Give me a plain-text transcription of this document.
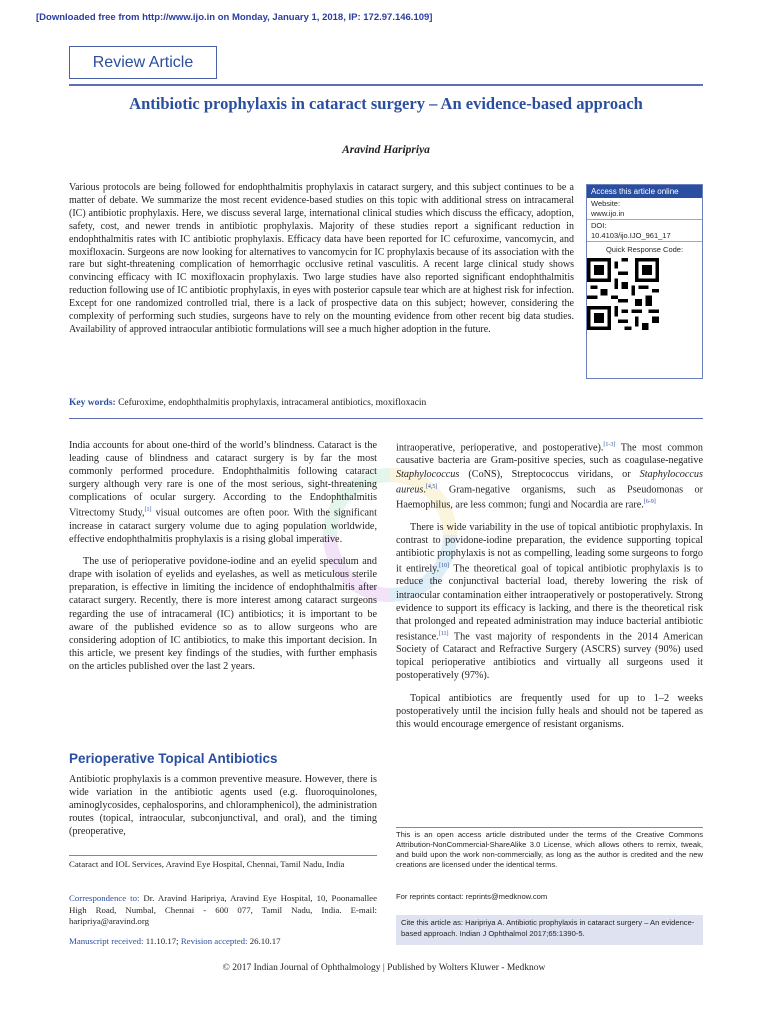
[Downloaded free from http://www.ijo.in on Monday, January 1, 2018, IP: 172.97.146.109]
Review Article
Antibiotic prophylaxis in cataract surgery – An evidence-based approach
Aravind Haripriya
Various protocols are being followed for endophthalmitis prophylaxis in cataract surgery, and this subject continues to be a matter of debate. We summarize the most recent evidence-based studies on this topic with additional stress on intracameral (IC) antibiotic prophylaxis. Here, we discuss several large, international clinical studies which discuss the efficacy, adoption, safety, cost, and newer trends in antibiotic prophylaxis. Majority of these studies report a significant reduction in endophthalmitis rates with IC antibiotic prophylaxis. Efficacy data have been reported for IC cefuroxime, vancomycin, and moxifloxacin. Surgeons are now looking for alternatives to vancomycin for IC prophylaxis because of its association with the rare but sight-threatening complication of hemorrhagic occlusive retinal vasculitis. A recent large clinical study shows convincing efficacy with IC moxifloxacin prophylaxis. Two large studies have also reported significant endophthalmitis reduction following use of IC antibiotic prophylaxis, in eyes with posterior capsule tear which are at highest risk for infection. Except for one randomized controlled trial, there is a lack of prospective data on this subject; however, considering the complexity of performing such studies, surgeons have to rely on the mounting evidence from other recent big data studies. Availability of approved intraocular antibiotic formulations will see a much higher adoption in the future.
Access this article online
Website:
www.ijo.in
DOI:
10.4103/ijo.IJO_961_17
Quick Response Code:
Key words: Cefuroxime, endophthalmitis prophylaxis, intracameral antibiotics, moxifloxacin

India accounts for about one-third of the world’s blindness. Cataract is the leading cause of blindness and cataract surgery is by far the most commonly performed procedure. Endophthalmitis following cataract surgery although very rare is one of the most serious, sight-threatening complications of ocular surgery. According to the Endophthalmitis Vitrectomy Study,[1] visual outcomes are often poor. With the significant increase in cataract surgery volume due to aging population worldwide, effective endophthalmitis prophylaxis is a rising global imperative.

The use of perioperative povidone-iodine and an eyelid speculum and drape with isolation of eyelids and eyelashes, as well as meticulous sterile preparation, is effective in limiting the incidence of endophthalmitis after cataract surgery. Recently, there is more interest among cataract surgeons regarding the use of intracameral (IC) antibiotics; it is important to be aware of the published evidence so as to allow surgeons who are considering adoption of IC antibiotics, to make this important decision. In this article, we present key findings of the studies, with further emphasis on the articles published over the last 2 years.

Perioperative Topical Antibiotics
Antibiotic prophylaxis is a common preventive measure. However, there is wide variation in the antibiotic agents used (e.g. fluoroquinolones, aminoglycosides, cephalosporins, and chloramphenicol), the administration routes (topical, intraocular, subconjunctival, and oral), and the timing (preoperative,

intraoperative, perioperative, and postoperative).[1-3] The most common causative bacteria are Gram-positive species, such as coagulase-negative Staphylococcus (CoNS), Streptococcus viridans, or Staphylococcus aureus.[4,5] Gram-negative organisms, such as Pseudomonas or Haemophilus, are less common; fungi and Nocardia are rare.[6-9]

There is wide variability in the use of topical antibiotic prophylaxis. In contrast to povidone-iodine preparation, the evidence supporting topical antibiotic prophylaxis is not as compelling, leading some surgeons to forgo it entirely.[10] The theoretical goal of topical antibiotic prophylaxis is to reduce the conjunctival bacterial load, thereby lowering the risk of intraocular contamination either intraoperatively or postoperatively. Strong evidence to support its efficacy is lacking, and there is the theoretical risk that prolonged and repeated administration may induce bacterial antibiotic resistance.[11] The vast majority of respondents in the 2014 American Society of Cataract and Refractive Surgery (ASCRS) survey (90%) used topical perioperative antibiotics and virtually all surgeons used it postoperatively (97%).

Topical antibiotics are frequently used for up to 1–2 weeks postoperatively until the incision fully heals and should not be tapered as this would encourage emergence of resistant organisms.

Cataract and IOL Services, Aravind Eye Hospital, Chennai, Tamil Nadu, India
Correspondence to: Dr. Aravind Haripriya, Aravind Eye Hospital, 10, Poonamallee High Road, Numbal, Chennai - 600 077, Tamil Nadu, India. E-mail: haripriya@aravind.org
Manuscript received: 11.10.17; Revision accepted: 26.10.17
This is an open access article distributed under the terms of the Creative Commons Attribution-NonCommercial-ShareAlike 3.0 License, which allows others to remix, tweak, and build upon the work non-commercially, as long as the author is credited and the new creations are licensed under the identical terms.
For reprints contact: reprints@medknow.com
Cite this article as: Haripriya A. Antibiotic prophylaxis in cataract surgery – An evidence-based approach. Indian J Ophthalmol 2017;65:1390-5.
© 2017 Indian Journal of Ophthalmology | Published by Wolters Kluwer - Medknow
